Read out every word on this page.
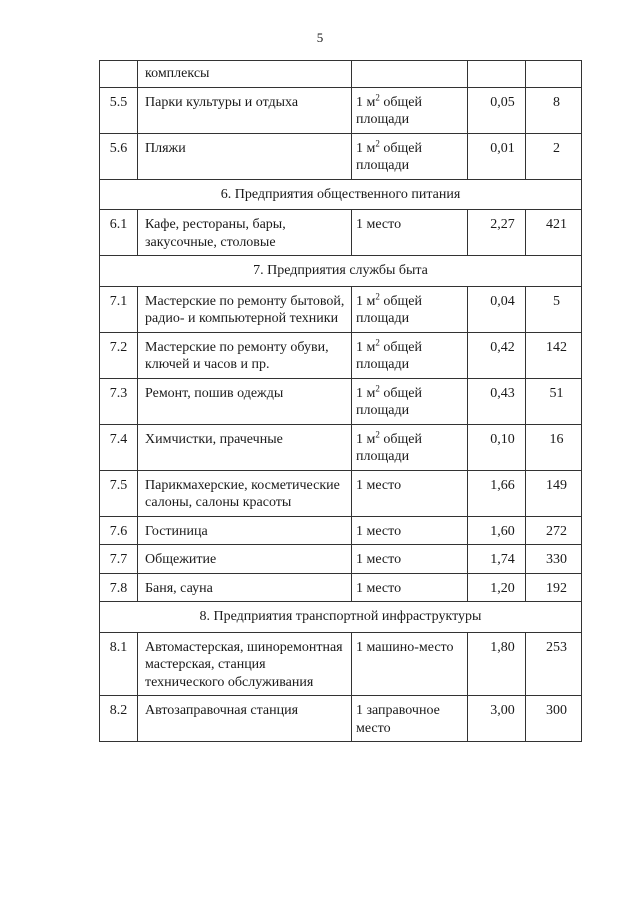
5
	комплексы			
5.5	Парки культуры и отдыха	1 $м^2$ общей площади	0,05	8
5.6	Пляжи	1 $м^2$ общей площади	0,01	2
6. Предприятия общественного питания				
6.1	Кафе, рестораны, бары, закусочные, столовые	1 место	2,27	421
7. Предприятия службы быта				
7.1	Мастерские по ремонту бытовой, радио- и компьютерной техники	1 $м^2$ общей площади	0,04	5
7.2	Мастерские по ремонту обуви, ключей и часов и пр.	1 $м^2$ общей площади	0,42	142
7.3	Ремонт, пошив одежды	1 $м^2$ общей площади	0,43	51
7.4	Химчистки, прачечные	1 $м^2$ общей площади	0,10	16
7.5	Парикмахерские, косметические салоны, салоны красоты	1 место	1,66	149
7.6	Гостиница	1 место	1,60	272
7.7	Общежитие	1 место	1,74	330
7.8	Баня, сауна	1 место	1,20	192
8. Предприятия транспортной инфраструктуры				
8.1	Автомастерская, шиноремонтная мастерская, станция технического обслуживания	1 машино-место	1,80	253
8.2	Автозаправочная станция	1 заправочное место	3,00	300
